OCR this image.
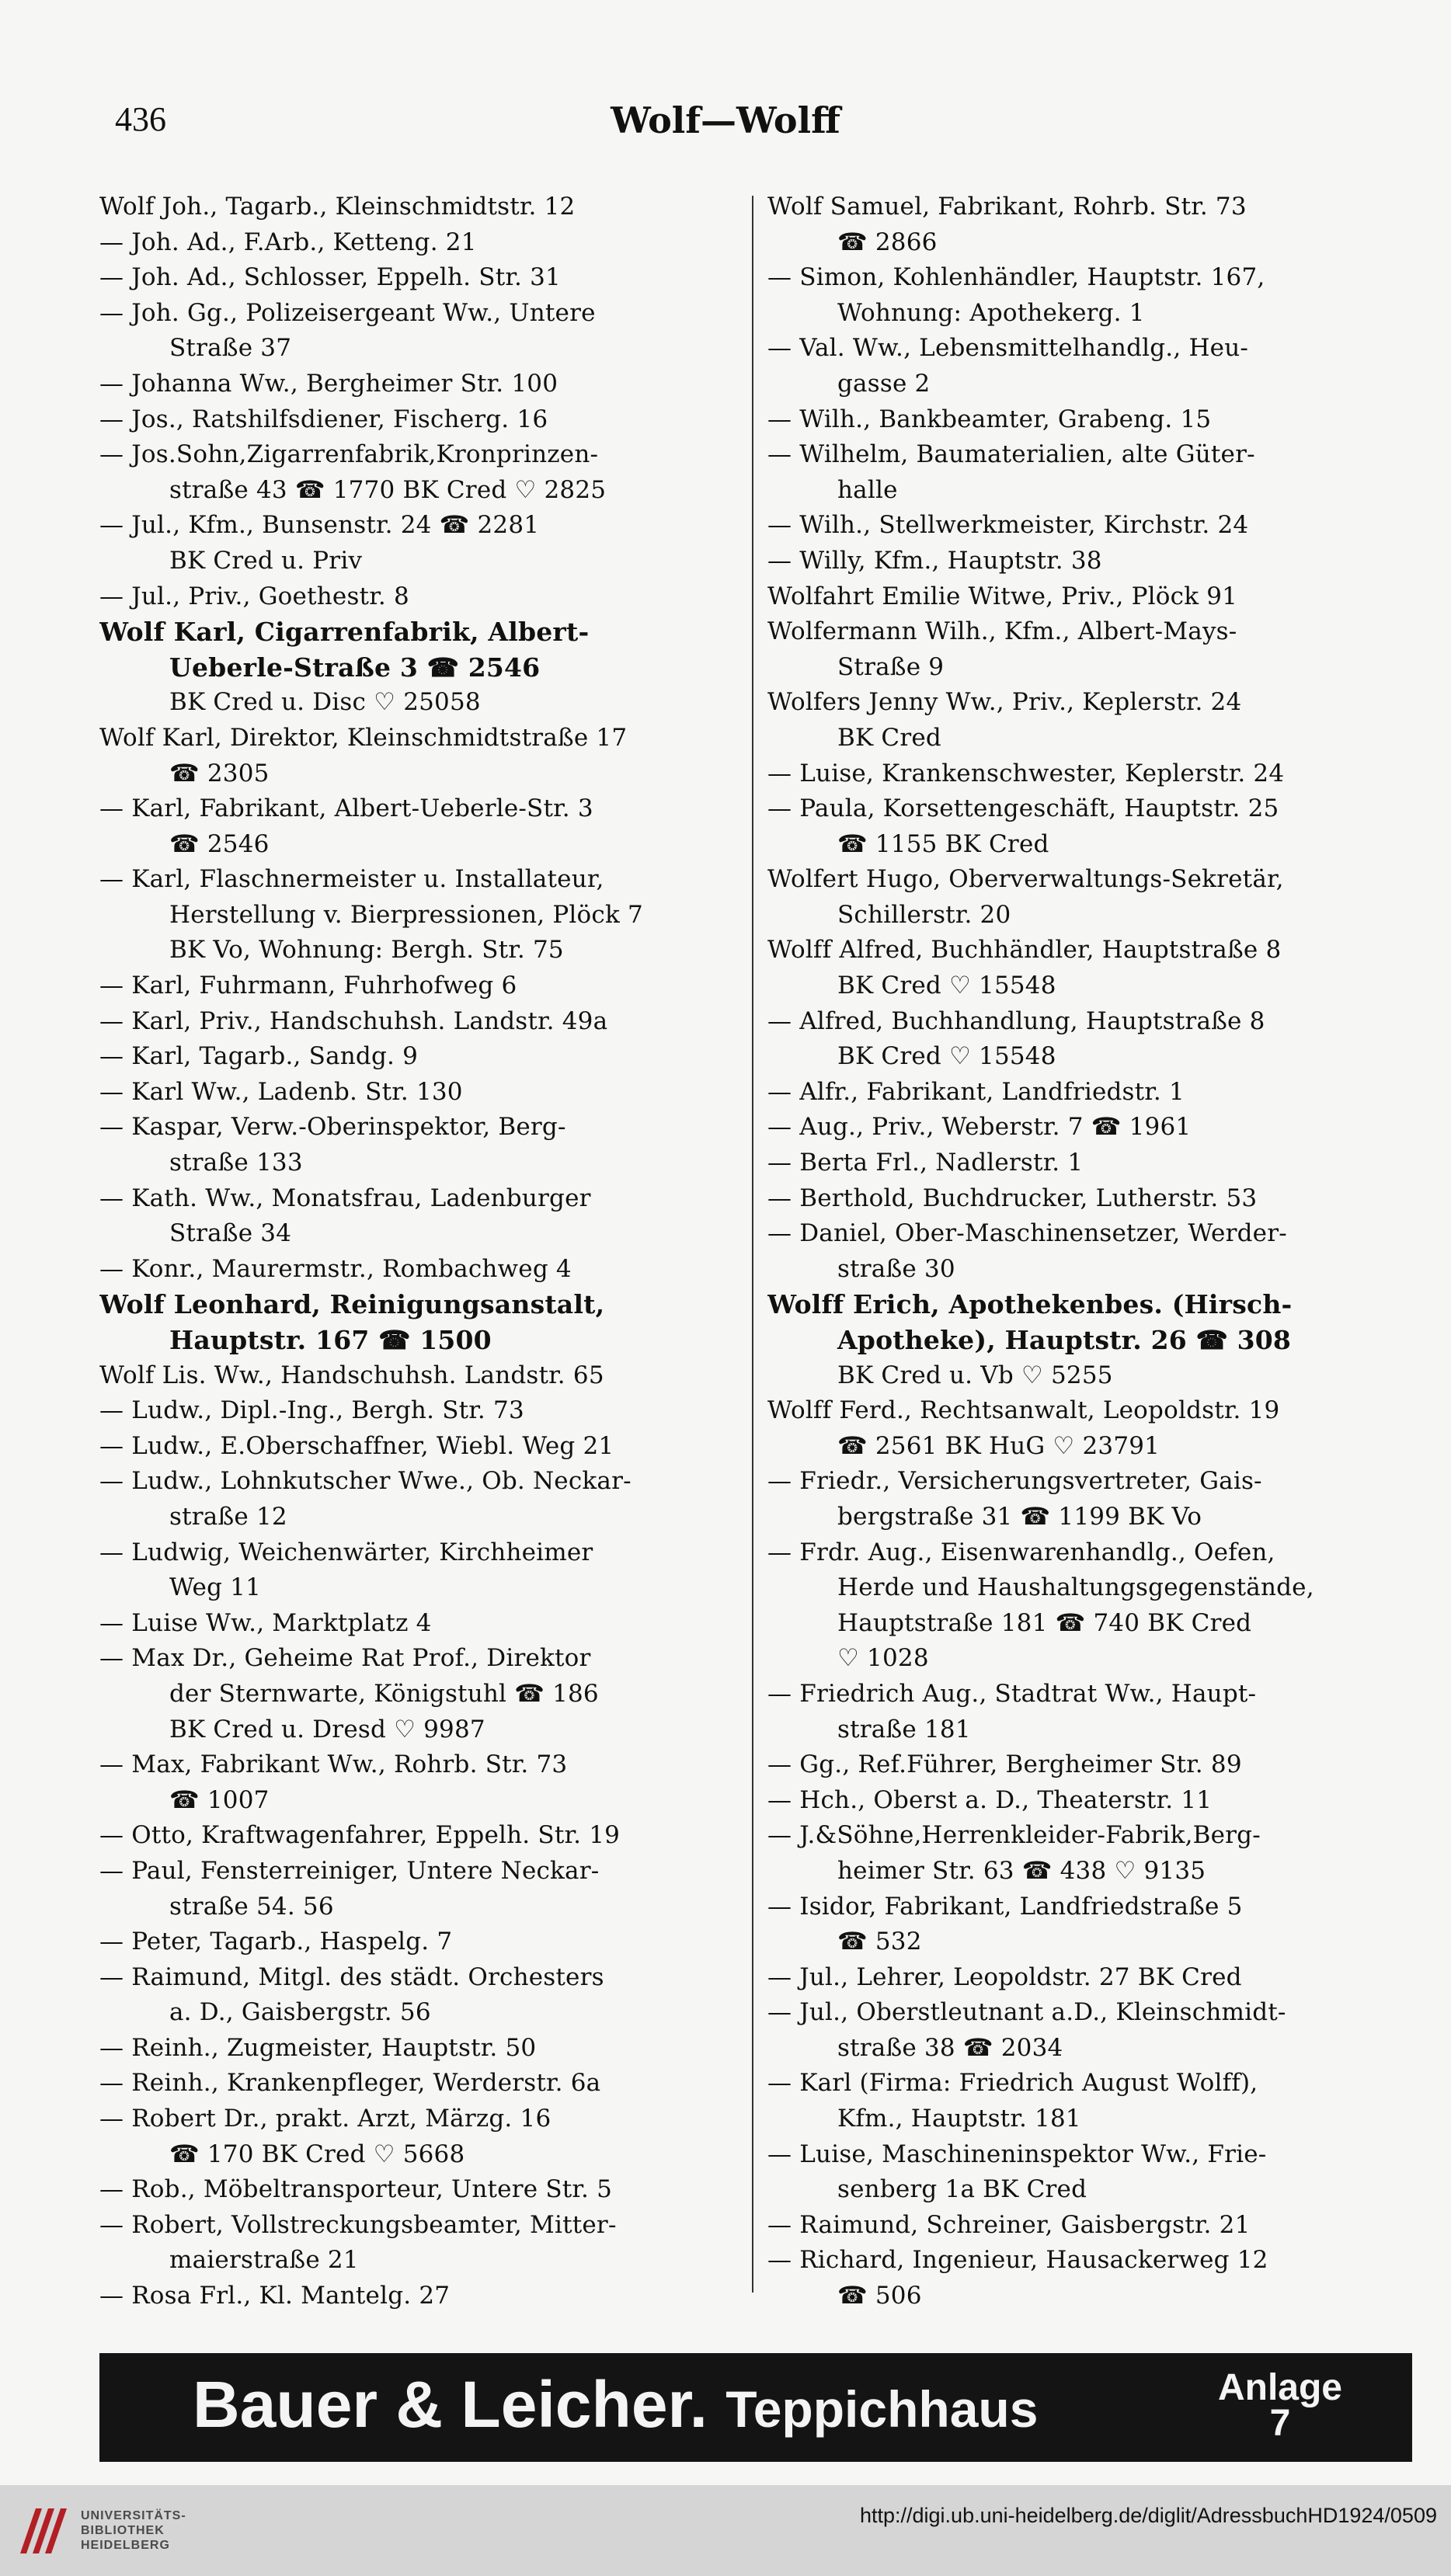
436	Wolf—Wolff
Wolf Joh., Tagarb., Kleinschmidtstr. 12
— Joh. Ad., F.Arb., Ketteng. 21
— Joh. Ad., Schlosser, Eppelh. Str. 31
— Joh. Gg., Polizeisergeant Ww., Untere
Straße 37
— Johanna Ww., Bergheimer Str. 100
— Jos., Ratshilfsdiener, Fischerg. 16
— Jos.Sohn,Zigarrenfabrik,Kronprinzen-
straße 43 ☎ 1770 BK Cred ♡ 2825
— Jul., Kfm., Bunsenstr. 24 ☎ 2281
BK Cred u. Priv
— Jul., Priv., Goethestr. 8
Wolf Karl, Cigarrenfabrik, Albert-
Ueberle-Straße 3 ☎ 2546
BK Cred u. Disc ♡ 25058
Wolf Karl, Direktor, Kleinschmidtstraße 17
☎ 2305
— Karl, Fabrikant, Albert-Ueberle-Str. 3
☎ 2546
— Karl, Flaschnermeister u. Installateur,
Herstellung v. Bierpressionen, Plöck 7
BK Vo, Wohnung: Bergh. Str. 75
— Karl, Fuhrmann, Fuhrhofweg 6
— Karl, Priv., Handschuhsh. Landstr. 49a
— Karl, Tagarb., Sandg. 9
— Karl Ww., Ladenb. Str. 130
— Kaspar, Verw.-Oberinspektor, Berg-
straße 133
— Kath. Ww., Monatsfrau, Ladenburger
Straße 34
— Konr., Maurermstr., Rombachweg 4
Wolf Leonhard, Reinigungsanstalt,
Hauptstr. 167 ☎ 1500
Wolf Lis. Ww., Handschuhsh. Landstr. 65
— Ludw., Dipl.-Ing., Bergh. Str. 73
— Ludw., E.Oberschaffner, Wiebl. Weg 21
— Ludw., Lohnkutscher Wwe., Ob. Neckar-
straße 12
— Ludwig, Weichenwärter, Kirchheimer
Weg 11
— Luise Ww., Marktplatz 4
— Max Dr., Geheime Rat Prof., Direktor
der Sternwarte, Königstuhl ☎ 186
BK Cred u. Dresd ♡ 9987
— Max, Fabrikant Ww., Rohrb. Str. 73
☎ 1007
— Otto, Kraftwagenfahrer, Eppelh. Str. 19
— Paul, Fensterreiniger, Untere Neckar-
straße 54. 56
— Peter, Tagarb., Haspelg. 7
— Raimund, Mitgl. des städt. Orchesters
a. D., Gaisbergstr. 56
— Reinh., Zugmeister, Hauptstr. 50
— Reinh., Krankenpfleger, Werderstr. 6a
— Robert Dr., prakt. Arzt, Märzg. 16
☎ 170 BK Cred ♡ 5668
— Rob., Möbeltransporteur, Untere Str. 5
— Robert, Vollstreckungsbeamter, Mitter-
maierstraße 21
— Rosa Frl., Kl. Mantelg. 27
Wolf Samuel, Fabrikant, Rohrb. Str. 73
☎ 2866
— Simon, Kohlenhändler, Hauptstr. 167,
Wohnung: Apothekerg. 1
— Val. Ww., Lebensmittelhandlg., Heu-
gasse 2
— Wilh., Bankbeamter, Grabeng. 15
— Wilhelm, Baumaterialien, alte Güter-
halle
— Wilh., Stellwerkmeister, Kirchstr. 24
— Willy, Kfm., Hauptstr. 38
Wolfahrt Emilie Witwe, Priv., Plöck 91
Wolfermann Wilh., Kfm., Albert-Mays-
Straße 9
Wolfers Jenny Ww., Priv., Keplerstr. 24
BK Cred
— Luise, Krankenschwester, Keplerstr. 24
— Paula, Korsettengeschäft, Hauptstr. 25
☎ 1155 BK Cred
Wolfert Hugo, Oberverwaltungs-Sekretär,
Schillerstr. 20
Wolff Alfred, Buchhändler, Hauptstraße 8
BK Cred ♡ 15548
— Alfred, Buchhandlung, Hauptstraße 8
BK Cred ♡ 15548
— Alfr., Fabrikant, Landfriedstr. 1
— Aug., Priv., Weberstr. 7 ☎ 1961
— Berta Frl., Nadlerstr. 1
— Berthold, Buchdrucker, Lutherstr. 53
— Daniel, Ober-Maschinensetzer, Werder-
straße 30
Wolff Erich, Apothekenbes. (Hirsch-
Apotheke), Hauptstr. 26 ☎ 308
BK Cred u. Vb ♡ 5255
Wolff Ferd., Rechtsanwalt, Leopoldstr. 19
☎ 2561 BK HuG ♡ 23791
— Friedr., Versicherungsvertreter, Gais-
bergstraße 31 ☎ 1199 BK Vo
— Frdr. Aug., Eisenwarenhandlg., Oefen,
Herde und Haushaltungsgegenstände,
Hauptstraße 181 ☎ 740 BK Cred
♡ 1028
— Friedrich Aug., Stadtrat Ww., Haupt-
straße 181
— Gg., Ref.Führer, Bergheimer Str. 89
— Hch., Oberst a. D., Theaterstr. 11
— J.&Söhne,Herrenkleider-Fabrik,Berg-
heimer Str. 63 ☎ 438 ♡ 9135
— Isidor, Fabrikant, Landfriedstraße 5
☎ 532
— Jul., Lehrer, Leopoldstr. 27 BK Cred
— Jul., Oberstleutnant a.D., Kleinschmidt-
straße 38 ☎ 2034
— Karl (Firma: Friedrich August Wolff),
Kfm., Hauptstr. 181
— Luise, Maschineninspektor Ww., Frie-
senberg 1a BK Cred
— Raimund, Schreiner, Gaisbergstr. 21
— Richard, Ingenieur, Hausackerweg 12
☎ 506
Bauer & Leicher. Teppichhaus	Anlage
7
UNIVERSITÄTS-
BIBLIOTHEK
HEIDELBERG
http://digi.ub.uni-heidelberg.de/diglit/AdressbuchHD1924/0509
